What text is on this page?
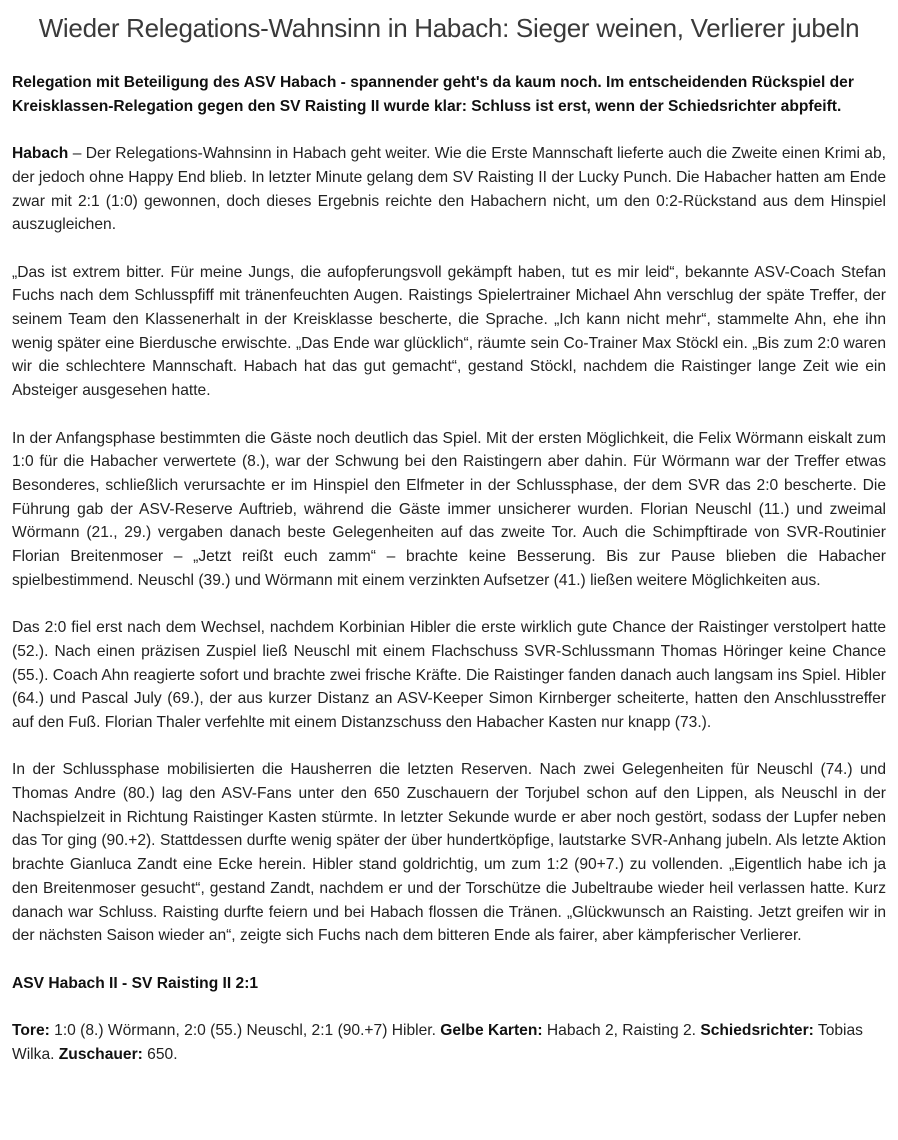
Wieder Relegations-Wahnsinn in Habach: Sieger weinen, Verlierer jubeln

Relegation mit Beteiligung des ASV Habach - spannender geht's da kaum noch. Im entscheidenden Rückspiel der Kreisklassen-Relegation gegen den SV Raisting II wurde klar: Schluss ist erst, wenn der Schiedsrichter abpfeift.

Habach – Der Relegations-Wahnsinn in Habach geht weiter. Wie die Erste Mannschaft lieferte auch die Zweite einen Krimi ab, der jedoch ohne Happy End blieb. In letzter Minute gelang dem SV Raisting II der Lucky Punch. Die Habacher hatten am Ende zwar mit 2:1 (1:0) gewonnen, doch dieses Ergebnis reichte den Habachern nicht, um den 0:2-Rückstand aus dem Hinspiel auszugleichen.

„Das ist extrem bitter. Für meine Jungs, die aufopferungsvoll gekämpft haben, tut es mir leid“, bekannte ASV-Coach Stefan Fuchs nach dem Schlusspfiff mit tränenfeuchten Augen. Raistings Spielertrainer Michael Ahn verschlug der späte Treffer, der seinem Team den Klassenerhalt in der Kreisklasse bescherte, die Sprache. „Ich kann nicht mehr“, stammelte Ahn, ehe ihn wenig später eine Bierdusche erwischte. „Das Ende war glücklich“, räumte sein Co-Trainer Max Stöckl ein. „Bis zum 2:0 waren wir die schlechtere Mannschaft. Habach hat das gut gemacht“, gestand Stöckl, nachdem die Raistinger lange Zeit wie ein Absteiger ausgesehen hatte.

In der Anfangsphase bestimmten die Gäste noch deutlich das Spiel. Mit der ersten Möglichkeit, die Felix Wörmann eiskalt zum 1:0 für die Habacher verwertete (8.), war der Schwung bei den Raistingern aber dahin. Für Wörmann war der Treffer etwas Besonderes, schließlich verursachte er im Hinspiel den Elfmeter in der Schlussphase, der dem SVR das 2:0 bescherte. Die Führung gab der ASV-Reserve Auftrieb, während die Gäste immer unsicherer wurden. Florian Neuschl (11.) und zweimal Wörmann (21., 29.) vergaben danach beste Gelegenheiten auf das zweite Tor. Auch die Schimpftirade von SVR-Routinier Florian Breitenmoser – „Jetzt reißt euch zamm“ – brachte keine Besserung. Bis zur Pause blieben die Habacher spielbestimmend. Neuschl (39.) und Wörmann mit einem verzinkten Aufsetzer (41.) ließen weitere Möglichkeiten aus.

Das 2:0 fiel erst nach dem Wechsel, nachdem Korbinian Hibler die erste wirklich gute Chance der Raistinger verstolpert hatte (52.). Nach einen präzisen Zuspiel ließ Neuschl mit einem Flachschuss SVR-Schlussmann Thomas Höringer keine Chance (55.). Coach Ahn reagierte sofort und brachte zwei frische Kräfte. Die Raistinger fanden danach auch langsam ins Spiel. Hibler (64.) und Pascal July (69.), der aus kurzer Distanz an ASV-Keeper Simon Kirnberger scheiterte, hatten den Anschlusstreffer auf den Fuß. Florian Thaler verfehlte mit einem Distanzschuss den Habacher Kasten nur knapp (73.).

In der Schlussphase mobilisierten die Hausherren die letzten Reserven. Nach zwei Gelegenheiten für Neuschl (74.) und Thomas Andre (80.) lag den ASV-Fans unter den 650 Zuschauern der Torjubel schon auf den Lippen, als Neuschl in der Nachspielzeit in Richtung Raistinger Kasten stürmte. In letzter Sekunde wurde er aber noch gestört, sodass der Lupfer neben das Tor ging (90.+2). Stattdessen durfte wenig später der über hundertköpfige, lautstarke SVR-Anhang jubeln. Als letzte Aktion brachte Gianluca Zandt eine Ecke herein. Hibler stand goldrichtig, um zum 1:2 (90+7.) zu vollenden. „Eigentlich habe ich ja den Breitenmoser gesucht“, gestand Zandt, nachdem er und der Torschütze die Jubeltraube wieder heil verlassen hatte. Kurz danach war Schluss. Raisting durfte feiern und bei Habach flossen die Tränen. „Glückwunsch an Raisting. Jetzt greifen wir in der nächsten Saison wieder an“, zeigte sich Fuchs nach dem bitteren Ende als fairer, aber kämpferischer Verlierer.

ASV Habach II - SV Raisting II 2:1

Tore: 1:0 (8.) Wörmann, 2:0 (55.) Neuschl, 2:1 (90.+7) Hibler. Gelbe Karten: Habach 2, Raisting 2. Schiedsrichter: Tobias Wilka. Zuschauer: 650.
